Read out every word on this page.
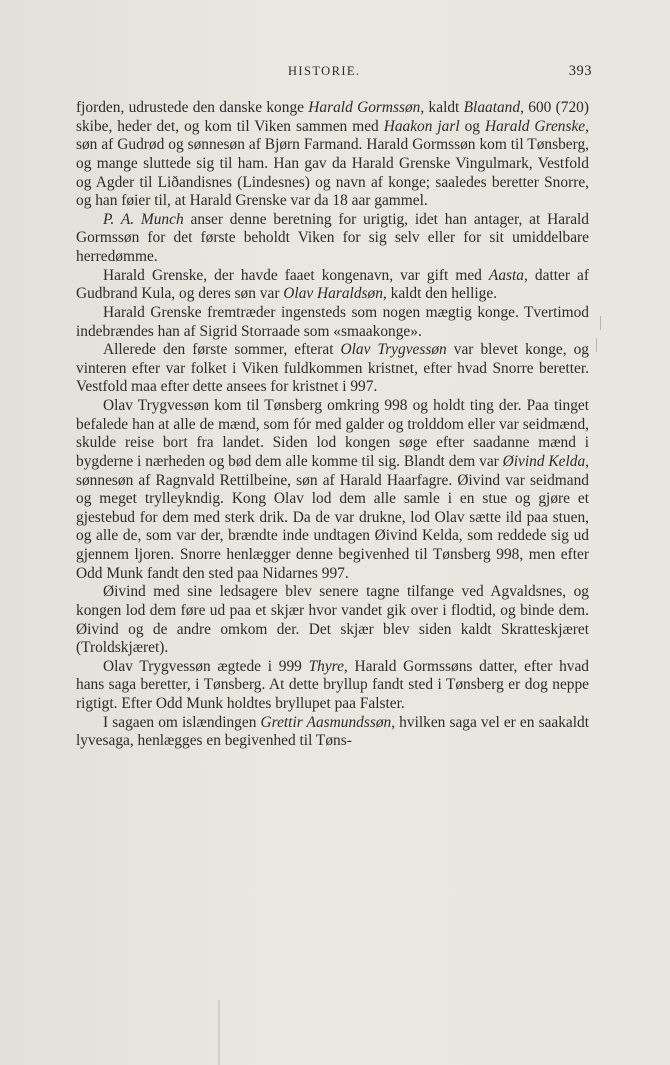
HISTORIE.	393

fjorden, udrustede den danske konge Harald Gormssøn, kaldt Blaatand, 600 (720) skibe, heder det, og kom til Viken sammen med Haakon jarl og Harald Grenske, søn af Gudrød og sønnesøn af Bjørn Farmand. Harald Gormssøn kom til Tønsberg, og mange sluttede sig til ham. Han gav da Harald Grenske Vingulmark, Vestfold og Agder til Liðandisnes (Lindesnes) og navn af konge; saaledes beretter Snorre, og han føier til, at Harald Grenske var da 18 aar gammel.

P. A. Munch anser denne beretning for urigtig, idet han antager, at Harald Gormssøn for det første beholdt Viken for sig selv eller for sit umiddelbare herredømme.

Harald Grenske, der havde faaet kongenavn, var gift med Aasta, datter af Gudbrand Kula, og deres søn var Olav Haraldsøn, kaldt den hellige.

Harald Grenske fremtræder ingensteds som nogen mægtig konge. Tvertimod indebrændes han af Sigrid Storraade som «smaakonge».

Allerede den første sommer, efterat Olav Trygvessøn var blevet konge, og vinteren efter var folket i Viken fuldkommen kristnet, efter hvad Snorre beretter. Vestfold maa efter dette ansees for kristnet i 997.

Olav Trygvessøn kom til Tønsberg omkring 998 og holdt ting der. Paa tinget befalede han at alle de mænd, som fór med galder og trolddom eller var seidmænd, skulde reise bort fra landet. Siden lod kongen søge efter saadanne mænd i bygderne i nærheden og bød dem alle komme til sig. Blandt dem var Øivind Kelda, sønnesøn af Ragnvald Rettilbeine, søn af Harald Haarfagre. Øivind var seidmand og meget trylleykndig. Kong Olav lod dem alle samle i en stue og gjøre et gjestebud for dem med sterk drik. Da de var drukne, lod Olav sætte ild paa stuen, og alle de, som var der, brændte inde undtagen Øivind Kelda, som reddede sig ud gjennem ljoren. Snorre henlægger denne begivenhed til Tønsberg 998, men efter Odd Munk fandt den sted paa Nidarnes 997.

Øivind med sine ledsagere blev senere tagne tilfange ved Agvaldsnes, og kongen lod dem føre ud paa et skjær hvor vandet gik over i flodtid, og binde dem. Øivind og de andre omkom der. Det skjær blev siden kaldt Skratteskjæret (Troldskjæret).

Olav Trygvessøn ægtede i 999 Thyre, Harald Gormssøns datter, efter hvad hans saga beretter, i Tønsberg. At dette bryllup fandt sted i Tønsberg er dog neppe rigtigt. Efter Odd Munk holdtes bryllupet paa Falster.

I sagaen om islændingen Grettir Aasmundssøn, hvilken saga vel er en saakaldt lyvesaga, henlægges en begivenhed til Tøns-
